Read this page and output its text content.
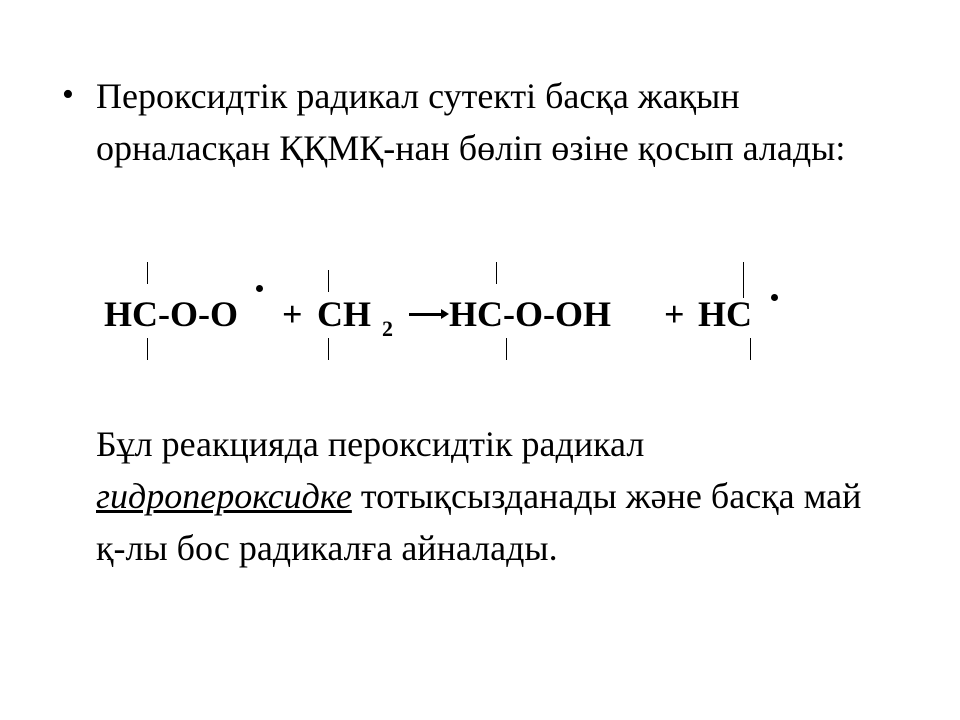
• Пероксидтік радикал сутекті басқа жақын орналасқан ҚҚМҚ-нан бөліп өзіне қосып алады:
HC-O-O + CH 2 → HC-O-OH + HC
Бұл реакцияда пероксидтік радикал гидропероксидке тотықсызданады және басқа май қ-лы бос радикалға айналады.
